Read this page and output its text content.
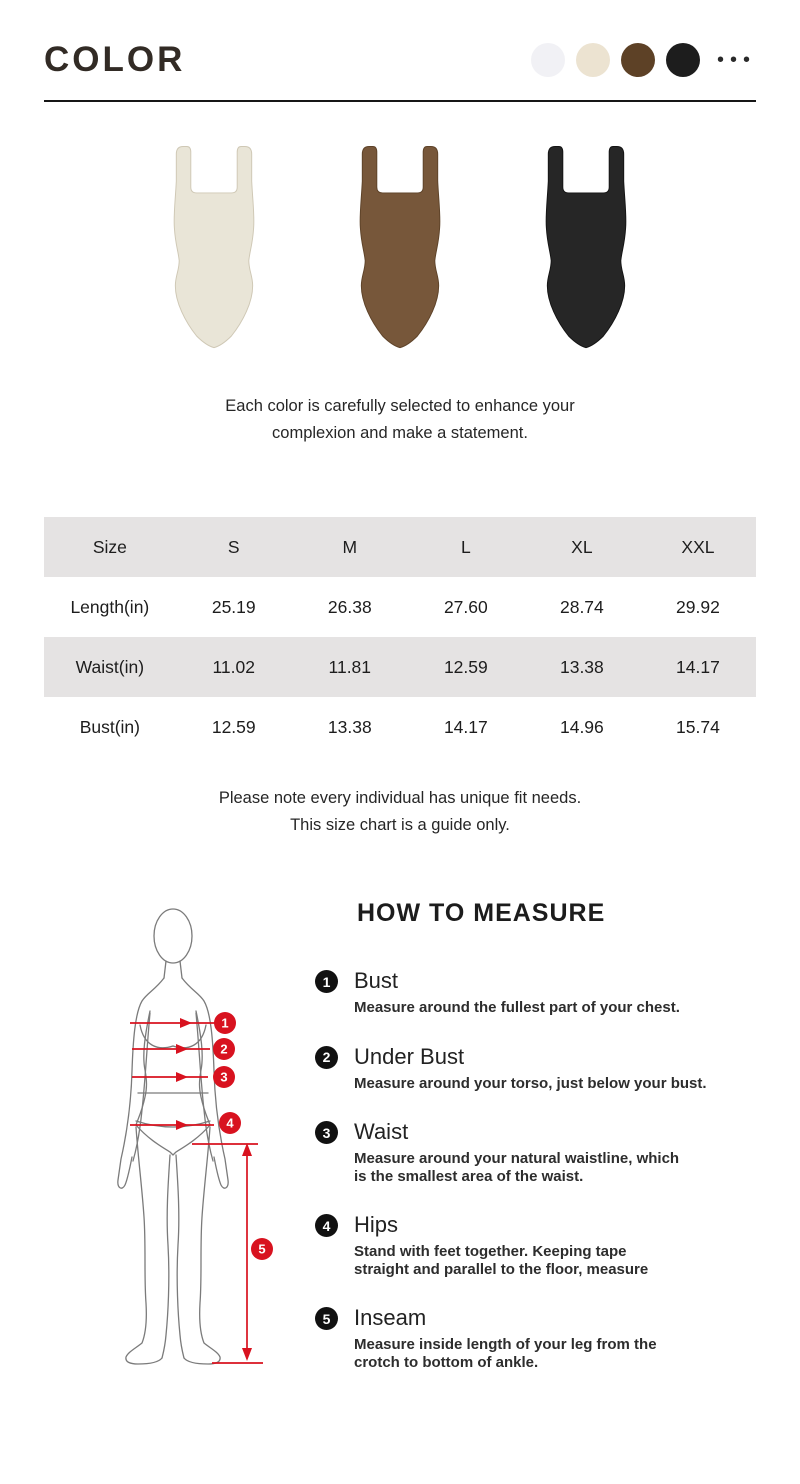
COLOR	•••

Each color is carefully selected to enhance your
complexion and make a statement.

Size	S	M	L	XL	XXL
Length(in)	25.19	26.38	27.60	28.74	29.92
Waist(in)	11.02	11.81	12.59	13.38	14.17
Bust(in)	12.59	13.38	14.17	14.96	15.74

Please note every individual has unique fit needs.
This size chart is a guide only.

1
2
3
4
5
HOW TO MEASURE
1	Bust
Measure around the fullest part of your chest.
2	Under Bust
Measure around your torso, just below your bust.
3	Waist
Measure around your natural waistline, which
is the smallest area of the waist.
4	Hips
Stand with feet together. Keeping tape
straight and parallel to the floor, measure
5	Inseam
Measure inside length of your leg from the
crotch to bottom of ankle.
